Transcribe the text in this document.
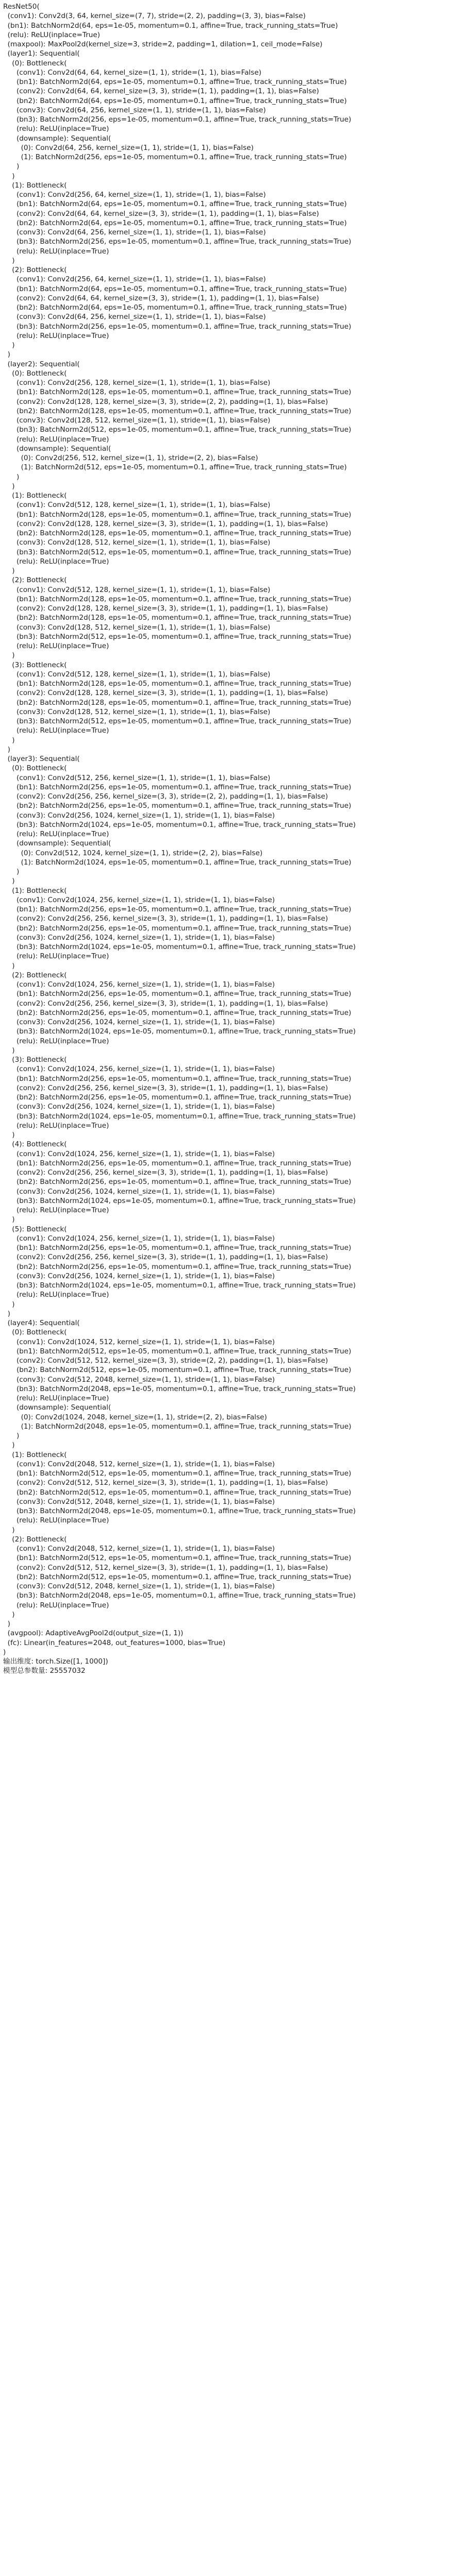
ResNet50(
(conv1): Conv2d(3, 64, kernel_size=(7, 7), stride=(2, 2), padding=(3, 3), bias=False)
(bn1): BatchNorm2d(64, eps=1e-05, momentum=0.1, affine=True, track_running_stats=True)
(relu): ReLU(inplace=True)
(maxpool): MaxPool2d(kernel_size=3, stride=2, padding=1, dilation=1, ceil_mode=False)
(layer1): Sequential(
(0): Bottleneck(
(conv1): Conv2d(64, 64, kernel_size=(1, 1), stride=(1, 1), bias=False)
(bn1): BatchNorm2d(64, eps=1e-05, momentum=0.1, affine=True, track_running_stats=True)
(conv2): Conv2d(64, 64, kernel_size=(3, 3), stride=(1, 1), padding=(1, 1), bias=False)
(bn2): BatchNorm2d(64, eps=1e-05, momentum=0.1, affine=True, track_running_stats=True)
(conv3): Conv2d(64, 256, kernel_size=(1, 1), stride=(1, 1), bias=False)
(bn3): BatchNorm2d(256, eps=1e-05, momentum=0.1, affine=True, track_running_stats=True)
(relu): ReLU(inplace=True)
(downsample): Sequential(
(0): Conv2d(64, 256, kernel_size=(1, 1), stride=(1, 1), bias=False)
(1): BatchNorm2d(256, eps=1e-05, momentum=0.1, affine=True, track_running_stats=True)
)
)
(1): Bottleneck(
(conv1): Conv2d(256, 64, kernel_size=(1, 1), stride=(1, 1), bias=False)
(bn1): BatchNorm2d(64, eps=1e-05, momentum=0.1, affine=True, track_running_stats=True)
(conv2): Conv2d(64, 64, kernel_size=(3, 3), stride=(1, 1), padding=(1, 1), bias=False)
(bn2): BatchNorm2d(64, eps=1e-05, momentum=0.1, affine=True, track_running_stats=True)
(conv3): Conv2d(64, 256, kernel_size=(1, 1), stride=(1, 1), bias=False)
(bn3): BatchNorm2d(256, eps=1e-05, momentum=0.1, affine=True, track_running_stats=True)
(relu): ReLU(inplace=True)
)
(2): Bottleneck(
(conv1): Conv2d(256, 64, kernel_size=(1, 1), stride=(1, 1), bias=False)
(bn1): BatchNorm2d(64, eps=1e-05, momentum=0.1, affine=True, track_running_stats=True)
(conv2): Conv2d(64, 64, kernel_size=(3, 3), stride=(1, 1), padding=(1, 1), bias=False)
(bn2): BatchNorm2d(64, eps=1e-05, momentum=0.1, affine=True, track_running_stats=True)
(conv3): Conv2d(64, 256, kernel_size=(1, 1), stride=(1, 1), bias=False)
(bn3): BatchNorm2d(256, eps=1e-05, momentum=0.1, affine=True, track_running_stats=True)
(relu): ReLU(inplace=True)
)
)
(layer2): Sequential(
(0): Bottleneck(
(conv1): Conv2d(256, 128, kernel_size=(1, 1), stride=(1, 1), bias=False)
(bn1): BatchNorm2d(128, eps=1e-05, momentum=0.1, affine=True, track_running_stats=True)
(conv2): Conv2d(128, 128, kernel_size=(3, 3), stride=(2, 2), padding=(1, 1), bias=False)
(bn2): BatchNorm2d(128, eps=1e-05, momentum=0.1, affine=True, track_running_stats=True)
(conv3): Conv2d(128, 512, kernel_size=(1, 1), stride=(1, 1), bias=False)
(bn3): BatchNorm2d(512, eps=1e-05, momentum=0.1, affine=True, track_running_stats=True)
(relu): ReLU(inplace=True)
(downsample): Sequential(
(0): Conv2d(256, 512, kernel_size=(1, 1), stride=(2, 2), bias=False)
(1): BatchNorm2d(512, eps=1e-05, momentum=0.1, affine=True, track_running_stats=True)
)
)
(1): Bottleneck(
(conv1): Conv2d(512, 128, kernel_size=(1, 1), stride=(1, 1), bias=False)
(bn1): BatchNorm2d(128, eps=1e-05, momentum=0.1, affine=True, track_running_stats=True)
(conv2): Conv2d(128, 128, kernel_size=(3, 3), stride=(1, 1), padding=(1, 1), bias=False)
(bn2): BatchNorm2d(128, eps=1e-05, momentum=0.1, affine=True, track_running_stats=True)
(conv3): Conv2d(128, 512, kernel_size=(1, 1), stride=(1, 1), bias=False)
(bn3): BatchNorm2d(512, eps=1e-05, momentum=0.1, affine=True, track_running_stats=True)
(relu): ReLU(inplace=True)
)
(2): Bottleneck(
(conv1): Conv2d(512, 128, kernel_size=(1, 1), stride=(1, 1), bias=False)
(bn1): BatchNorm2d(128, eps=1e-05, momentum=0.1, affine=True, track_running_stats=True)
(conv2): Conv2d(128, 128, kernel_size=(3, 3), stride=(1, 1), padding=(1, 1), bias=False)
(bn2): BatchNorm2d(128, eps=1e-05, momentum=0.1, affine=True, track_running_stats=True)
(conv3): Conv2d(128, 512, kernel_size=(1, 1), stride=(1, 1), bias=False)
(bn3): BatchNorm2d(512, eps=1e-05, momentum=0.1, affine=True, track_running_stats=True)
(relu): ReLU(inplace=True)
)
(3): Bottleneck(
(conv1): Conv2d(512, 128, kernel_size=(1, 1), stride=(1, 1), bias=False)
(bn1): BatchNorm2d(128, eps=1e-05, momentum=0.1, affine=True, track_running_stats=True)
(conv2): Conv2d(128, 128, kernel_size=(3, 3), stride=(1, 1), padding=(1, 1), bias=False)
(bn2): BatchNorm2d(128, eps=1e-05, momentum=0.1, affine=True, track_running_stats=True)
(conv3): Conv2d(128, 512, kernel_size=(1, 1), stride=(1, 1), bias=False)
(bn3): BatchNorm2d(512, eps=1e-05, momentum=0.1, affine=True, track_running_stats=True)
(relu): ReLU(inplace=True)
)
)
(layer3): Sequential(
(0): Bottleneck(
(conv1): Conv2d(512, 256, kernel_size=(1, 1), stride=(1, 1), bias=False)
(bn1): BatchNorm2d(256, eps=1e-05, momentum=0.1, affine=True, track_running_stats=True)
(conv2): Conv2d(256, 256, kernel_size=(3, 3), stride=(2, 2), padding=(1, 1), bias=False)
(bn2): BatchNorm2d(256, eps=1e-05, momentum=0.1, affine=True, track_running_stats=True)
(conv3): Conv2d(256, 1024, kernel_size=(1, 1), stride=(1, 1), bias=False)
(bn3): BatchNorm2d(1024, eps=1e-05, momentum=0.1, affine=True, track_running_stats=True)
(relu): ReLU(inplace=True)
(downsample): Sequential(
(0): Conv2d(512, 1024, kernel_size=(1, 1), stride=(2, 2), bias=False)
(1): BatchNorm2d(1024, eps=1e-05, momentum=0.1, affine=True, track_running_stats=True)
)
)
(1): Bottleneck(
(conv1): Conv2d(1024, 256, kernel_size=(1, 1), stride=(1, 1), bias=False)
(bn1): BatchNorm2d(256, eps=1e-05, momentum=0.1, affine=True, track_running_stats=True)
(conv2): Conv2d(256, 256, kernel_size=(3, 3), stride=(1, 1), padding=(1, 1), bias=False)
(bn2): BatchNorm2d(256, eps=1e-05, momentum=0.1, affine=True, track_running_stats=True)
(conv3): Conv2d(256, 1024, kernel_size=(1, 1), stride=(1, 1), bias=False)
(bn3): BatchNorm2d(1024, eps=1e-05, momentum=0.1, affine=True, track_running_stats=True)
(relu): ReLU(inplace=True)
)
(2): Bottleneck(
(conv1): Conv2d(1024, 256, kernel_size=(1, 1), stride=(1, 1), bias=False)
(bn1): BatchNorm2d(256, eps=1e-05, momentum=0.1, affine=True, track_running_stats=True)
(conv2): Conv2d(256, 256, kernel_size=(3, 3), stride=(1, 1), padding=(1, 1), bias=False)
(bn2): BatchNorm2d(256, eps=1e-05, momentum=0.1, affine=True, track_running_stats=True)
(conv3): Conv2d(256, 1024, kernel_size=(1, 1), stride=(1, 1), bias=False)
(bn3): BatchNorm2d(1024, eps=1e-05, momentum=0.1, affine=True, track_running_stats=True)
(relu): ReLU(inplace=True)
)
(3): Bottleneck(
(conv1): Conv2d(1024, 256, kernel_size=(1, 1), stride=(1, 1), bias=False)
(bn1): BatchNorm2d(256, eps=1e-05, momentum=0.1, affine=True, track_running_stats=True)
(conv2): Conv2d(256, 256, kernel_size=(3, 3), stride=(1, 1), padding=(1, 1), bias=False)
(bn2): BatchNorm2d(256, eps=1e-05, momentum=0.1, affine=True, track_running_stats=True)
(conv3): Conv2d(256, 1024, kernel_size=(1, 1), stride=(1, 1), bias=False)
(bn3): BatchNorm2d(1024, eps=1e-05, momentum=0.1, affine=True, track_running_stats=True)
(relu): ReLU(inplace=True)
)
(4): Bottleneck(
(conv1): Conv2d(1024, 256, kernel_size=(1, 1), stride=(1, 1), bias=False)
(bn1): BatchNorm2d(256, eps=1e-05, momentum=0.1, affine=True, track_running_stats=True)
(conv2): Conv2d(256, 256, kernel_size=(3, 3), stride=(1, 1), padding=(1, 1), bias=False)
(bn2): BatchNorm2d(256, eps=1e-05, momentum=0.1, affine=True, track_running_stats=True)
(conv3): Conv2d(256, 1024, kernel_size=(1, 1), stride=(1, 1), bias=False)
(bn3): BatchNorm2d(1024, eps=1e-05, momentum=0.1, affine=True, track_running_stats=True)
(relu): ReLU(inplace=True)
)
(5): Bottleneck(
(conv1): Conv2d(1024, 256, kernel_size=(1, 1), stride=(1, 1), bias=False)
(bn1): BatchNorm2d(256, eps=1e-05, momentum=0.1, affine=True, track_running_stats=True)
(conv2): Conv2d(256, 256, kernel_size=(3, 3), stride=(1, 1), padding=(1, 1), bias=False)
(bn2): BatchNorm2d(256, eps=1e-05, momentum=0.1, affine=True, track_running_stats=True)
(conv3): Conv2d(256, 1024, kernel_size=(1, 1), stride=(1, 1), bias=False)
(bn3): BatchNorm2d(1024, eps=1e-05, momentum=0.1, affine=True, track_running_stats=True)
(relu): ReLU(inplace=True)
)
)
(layer4): Sequential(
(0): Bottleneck(
(conv1): Conv2d(1024, 512, kernel_size=(1, 1), stride=(1, 1), bias=False)
(bn1): BatchNorm2d(512, eps=1e-05, momentum=0.1, affine=True, track_running_stats=True)
(conv2): Conv2d(512, 512, kernel_size=(3, 3), stride=(2, 2), padding=(1, 1), bias=False)
(bn2): BatchNorm2d(512, eps=1e-05, momentum=0.1, affine=True, track_running_stats=True)
(conv3): Conv2d(512, 2048, kernel_size=(1, 1), stride=(1, 1), bias=False)
(bn3): BatchNorm2d(2048, eps=1e-05, momentum=0.1, affine=True, track_running_stats=True)
(relu): ReLU(inplace=True)
(downsample): Sequential(
(0): Conv2d(1024, 2048, kernel_size=(1, 1), stride=(2, 2), bias=False)
(1): BatchNorm2d(2048, eps=1e-05, momentum=0.1, affine=True, track_running_stats=True)
)
)
(1): Bottleneck(
(conv1): Conv2d(2048, 512, kernel_size=(1, 1), stride=(1, 1), bias=False)
(bn1): BatchNorm2d(512, eps=1e-05, momentum=0.1, affine=True, track_running_stats=True)
(conv2): Conv2d(512, 512, kernel_size=(3, 3), stride=(1, 1), padding=(1, 1), bias=False)
(bn2): BatchNorm2d(512, eps=1e-05, momentum=0.1, affine=True, track_running_stats=True)
(conv3): Conv2d(512, 2048, kernel_size=(1, 1), stride=(1, 1), bias=False)
(bn3): BatchNorm2d(2048, eps=1e-05, momentum=0.1, affine=True, track_running_stats=True)
(relu): ReLU(inplace=True)
)
(2): Bottleneck(
(conv1): Conv2d(2048, 512, kernel_size=(1, 1), stride=(1, 1), bias=False)
(bn1): BatchNorm2d(512, eps=1e-05, momentum=0.1, affine=True, track_running_stats=True)
(conv2): Conv2d(512, 512, kernel_size=(3, 3), stride=(1, 1), padding=(1, 1), bias=False)
(bn2): BatchNorm2d(512, eps=1e-05, momentum=0.1, affine=True, track_running_stats=True)
(conv3): Conv2d(512, 2048, kernel_size=(1, 1), stride=(1, 1), bias=False)
(bn3): BatchNorm2d(2048, eps=1e-05, momentum=0.1, affine=True, track_running_stats=True)
(relu): ReLU(inplace=True)
)
)
(avgpool): AdaptiveAvgPool2d(output_size=(1, 1))
(fc): Linear(in_features=2048, out_features=1000, bias=True)
)
输出维度: torch.Size([1, 1000])
模型总参数量: 25557032
